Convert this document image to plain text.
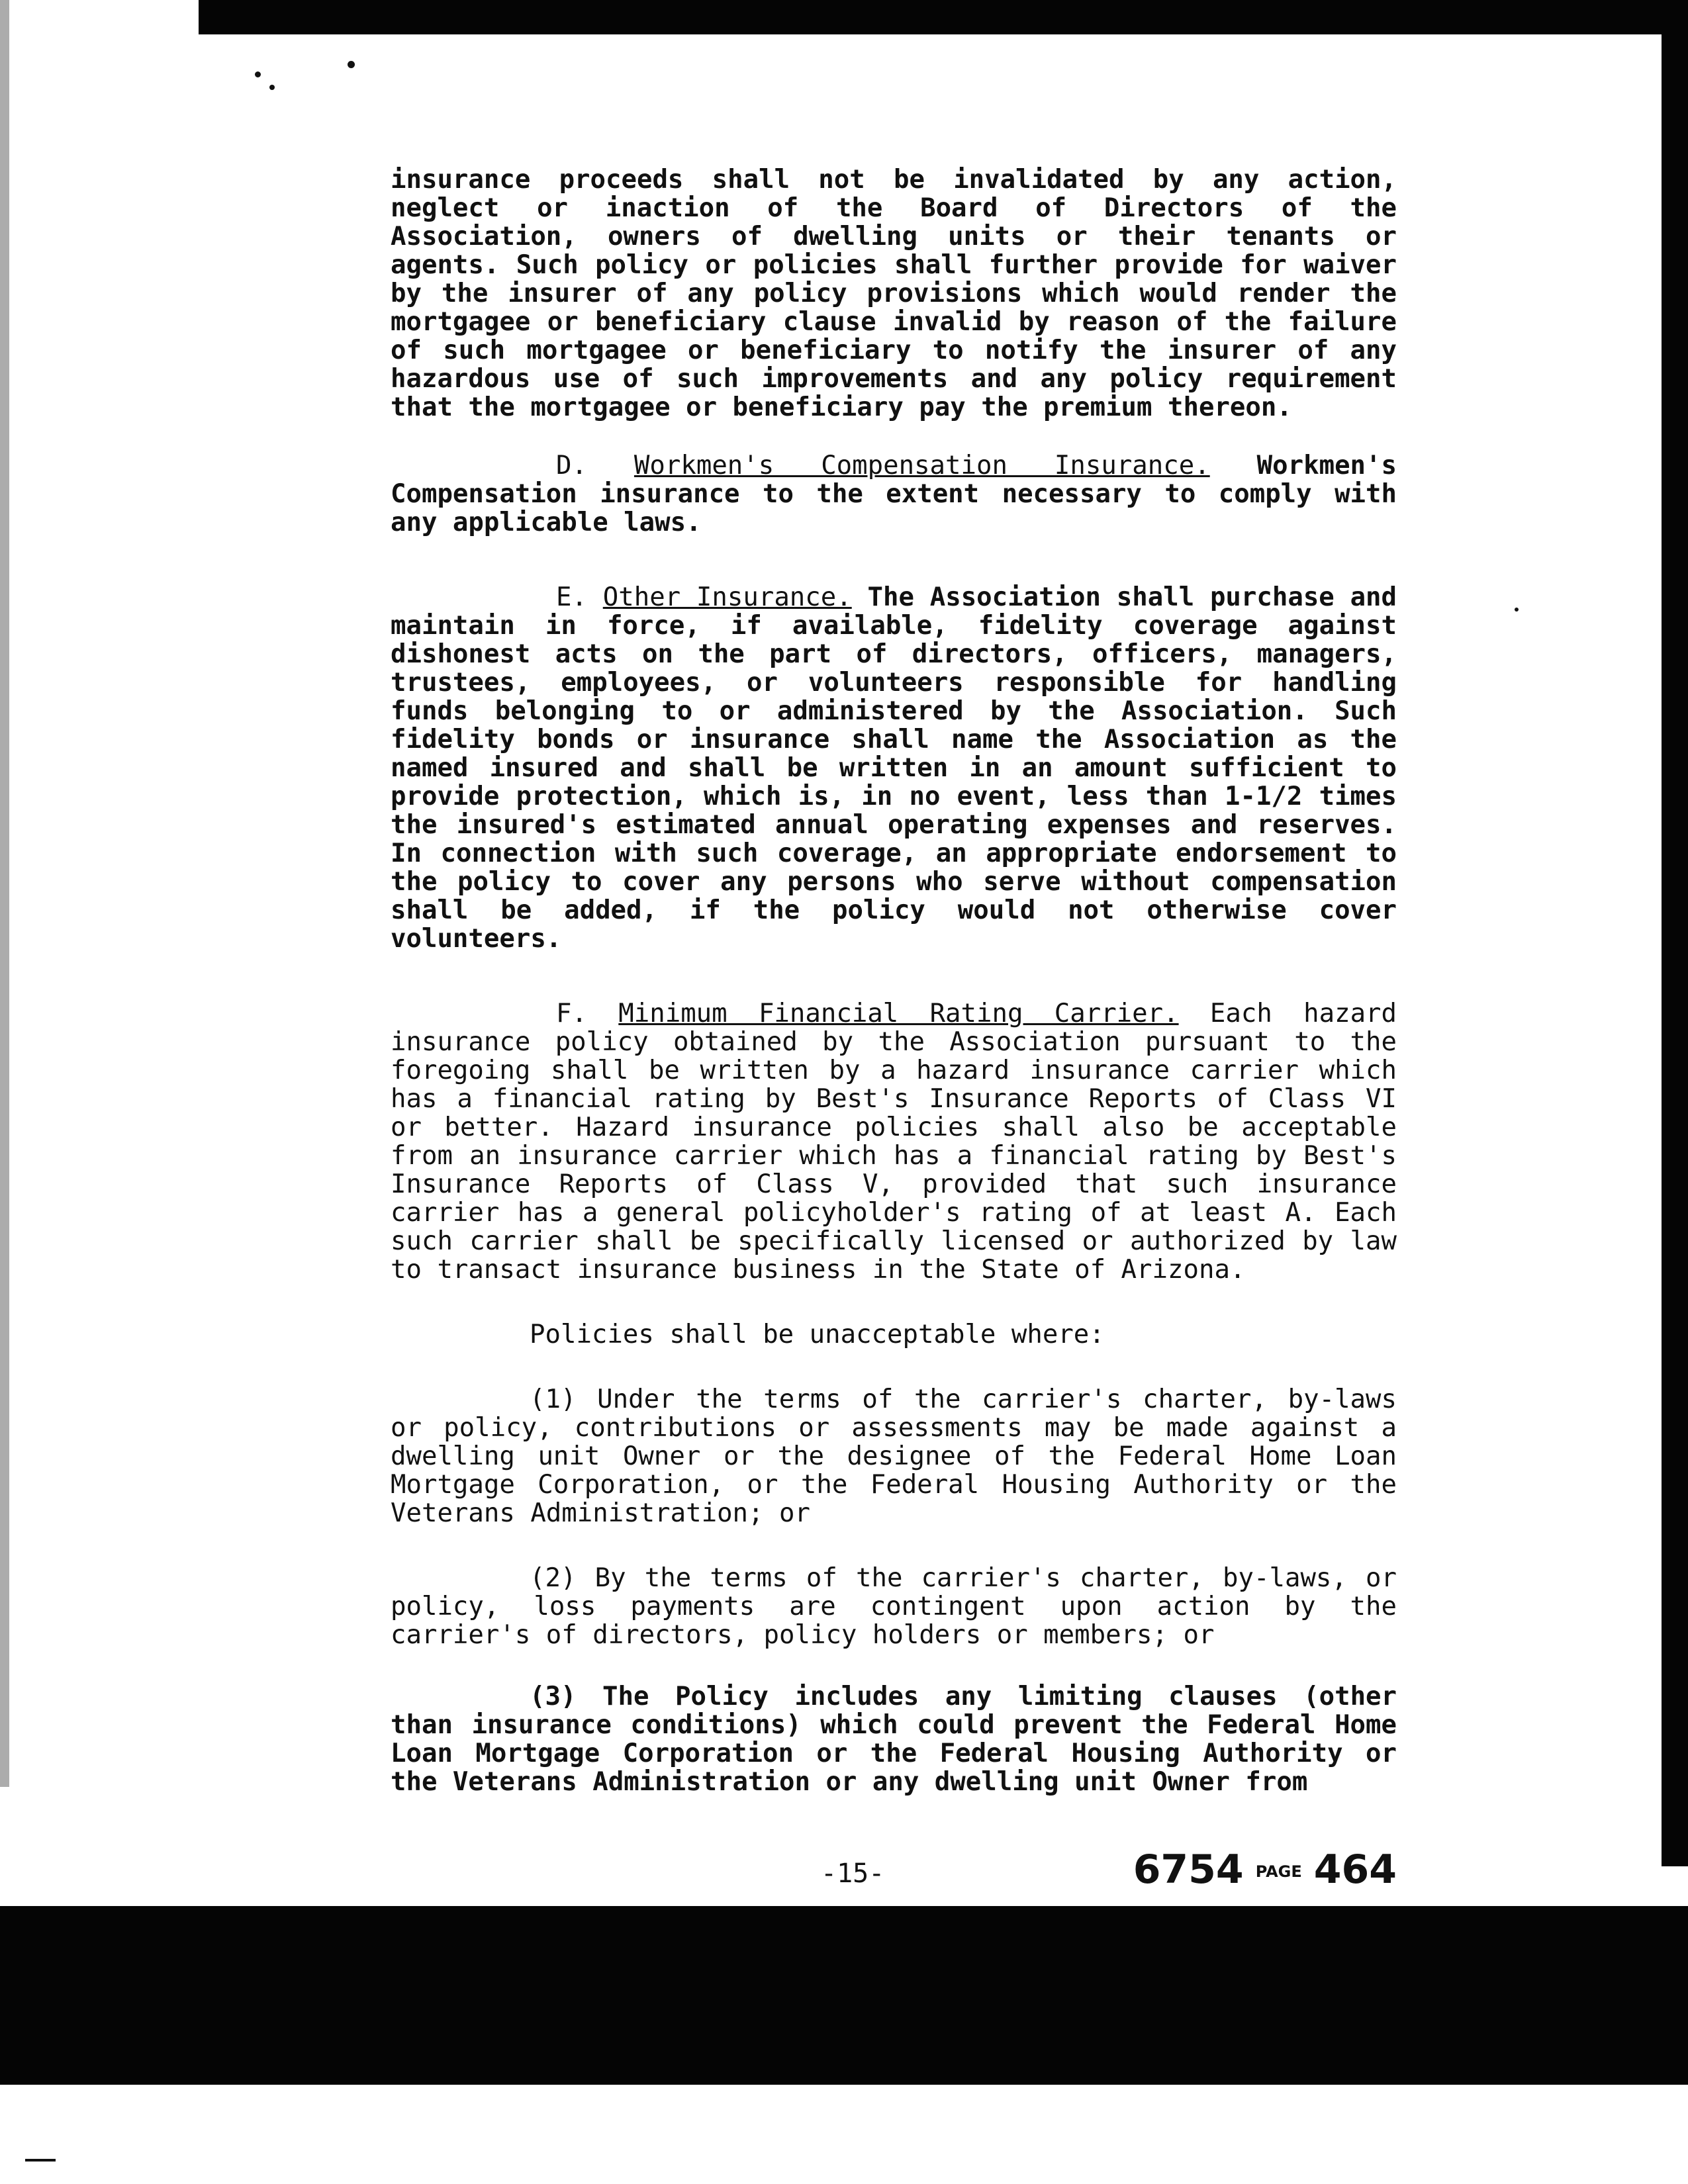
insurance proceeds shall not be invalidated by any action, neglect or inaction of the Board of Directors of the Association, owners of dwelling units or their tenants or agents. Such policy or policies shall further provide for waiver by the insurer of any policy provisions which would render the mortgagee or beneficiary clause invalid by reason of the failure of such mortgagee or beneficiary to notify the insurer of any hazardous use of such improvements and any policy requirement that the mortgagee or beneficiary pay the premium thereon.

D. Workmen's Compensation Insurance. Workmen's Compensation insurance to the extent necessary to comply with any applicable laws.

E. Other Insurance. The Association shall purchase and maintain in force, if available, fidelity coverage against dishonest acts on the part of directors, officers, managers, trustees, employees, or volunteers responsible for handling funds belonging to or administered by the Association. Such fidelity bonds or insurance shall name the Association as the named insured and shall be written in an amount sufficient to provide protection, which is, in no event, less than 1-1/2 times the insured's estimated annual operating expenses and reserves. In connection with such coverage, an appropriate endorsement to the policy to cover any persons who serve without compensation shall be added, if the policy would not otherwise cover volunteers.

F. Minimum Financial Rating Carrier. Each hazard insurance policy obtained by the Association pursuant to the foregoing shall be written by a hazard insurance carrier which has a financial rating by Best's Insurance Reports of Class VI or better. Hazard insurance policies shall also be acceptable from an insurance carrier which has a financial rating by Best's Insurance Reports of Class V, provided that such insurance carrier has a general policyholder's rating of at least A. Each such carrier shall be specifically licensed or authorized by law to transact insurance business in the State of Arizona.

Policies shall be unacceptable where:

(1) Under the terms of the carrier's charter, by-laws or policy, contributions or assessments may be made against a dwelling unit Owner or the designee of the Federal Home Loan Mortgage Corporation, or the Federal Housing Authority or the Veterans Administration; or

(2) By the terms of the carrier's charter, by-laws, or policy, loss payments are contingent upon action by the carrier's of directors, policy holders or members; or

(3) The Policy includes any limiting clauses (other than insurance conditions) which could prevent the Federal Home Loan Mortgage Corporation or the Federal Housing Authority or the Veterans Administration or any dwelling unit Owner from

-15-	6754 PAGE 464
